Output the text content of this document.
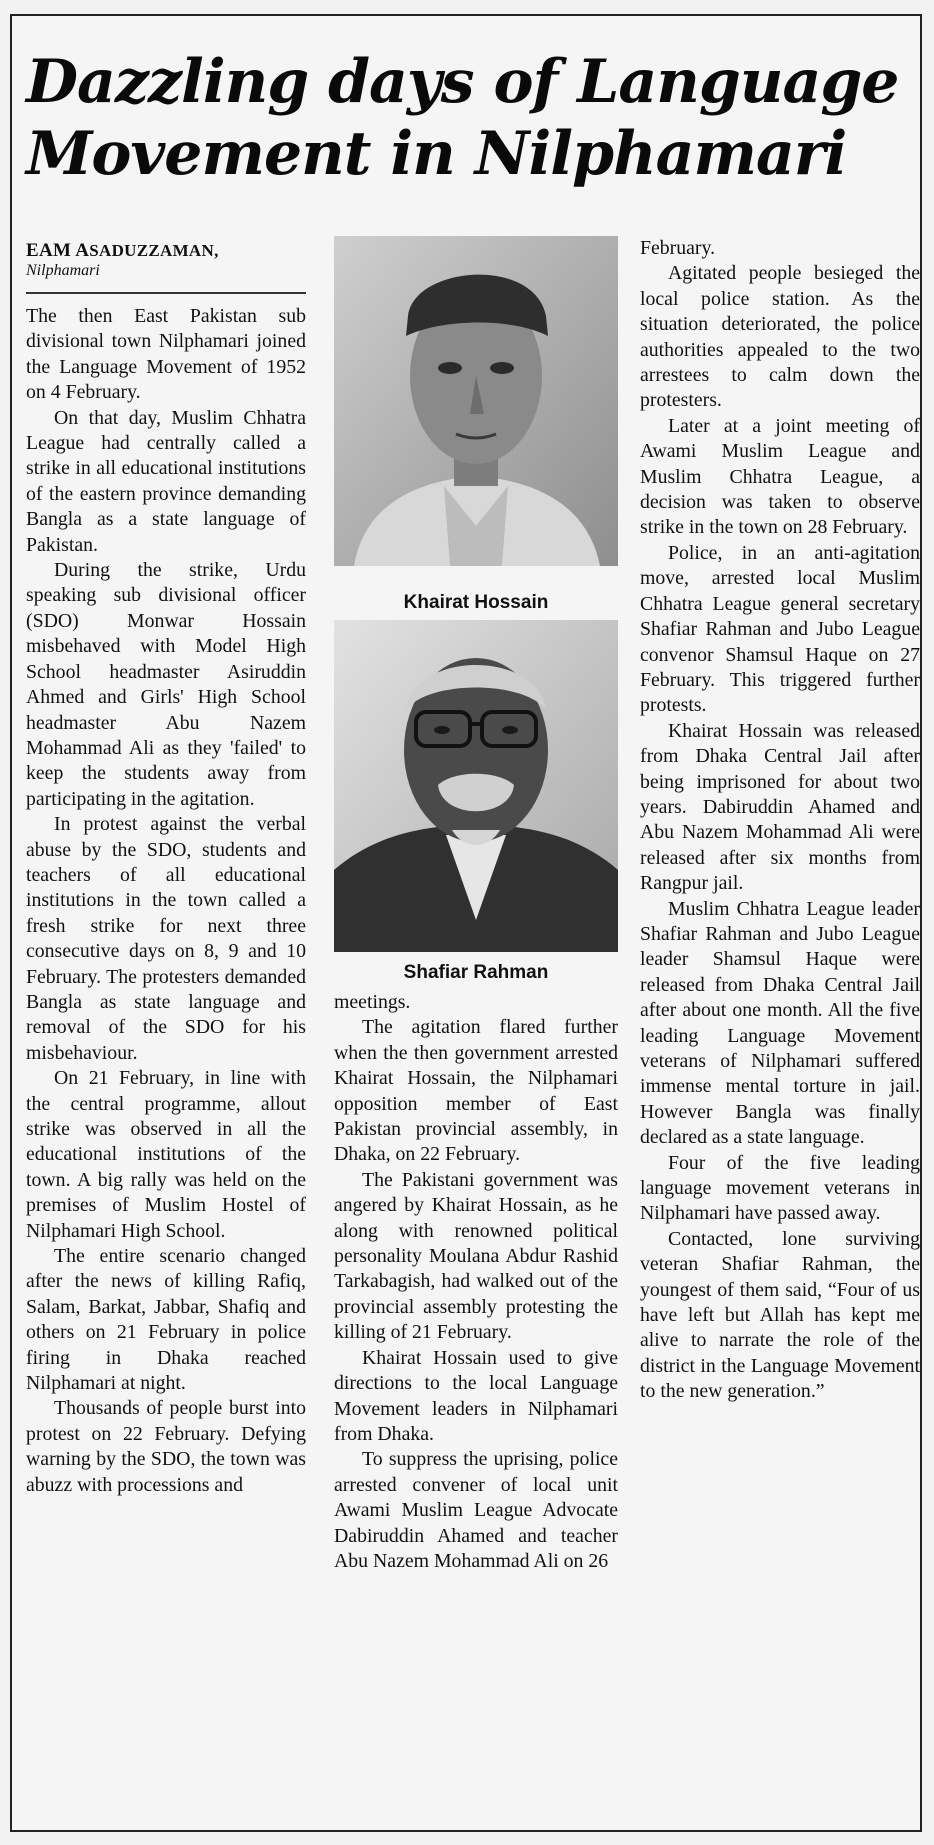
Dazzling days of Language
Movement in Nilphamari
EAM ASADUZZAMAN,
Nilphamari

The then East Pakistan sub divisional town Nilphamari joined the Language Movement of 1952 on 4 February.

On that day, Muslim Chhatra League had centrally called a strike in all educational institutions of the eastern province demanding Bangla as a state language of Pakistan.

During the strike, Urdu speaking sub divisional officer (SDO) Monwar Hossain misbehaved with Model High School headmaster Asiruddin Ahmed and Girls' High School headmaster Abu Nazem Mohammad Ali as they 'failed' to keep the students away from participating in the agitation.

In protest against the verbal abuse by the SDO, students and teachers of all educational institutions in the town called a fresh strike for next three consecutive days on 8, 9 and 10 February. The protesters demanded Bangla as state language and removal of the SDO for his misbehaviour.

On 21 February, in line with the central programme, allout strike was observed in all the educational institutions of the town. A big rally was held on the premises of Muslim Hostel of Nilphamari High School.

The entire scenario changed after the news of killing Rafiq, Salam, Barkat, Jabbar, Shafiq and others on 21 February in police firing in Dhaka reached Nilphamari at night.

Thousands of people burst into protest on 22 February. Defying warning by the SDO, the town was abuzz with processions and

Khairat Hossain
Shafiar Rahman

meetings.

The agitation flared further when the then government arrested Khairat Hossain, the Nilphamari opposition member of East Pakistan provincial assembly, in Dhaka, on 22 February.

The Pakistani government was angered by Khairat Hossain, as he along with renowned political personality Moulana Abdur Rashid Tarkabagish, had walked out of the provincial assembly protesting the killing of 21 February.

Khairat Hossain used to give directions to the local Language Movement leaders in Nilphamari from Dhaka.

To suppress the uprising, police arrested convener of local unit Awami Muslim League Advocate Dabiruddin Ahamed and teacher Abu Nazem Mohammad Ali on 26

February.

Agitated people besieged the local police station. As the situation deteriorated, the police authorities appealed to the two arrestees to calm down the protesters.

Later at a joint meeting of Awami Muslim League and Muslim Chhatra League, a decision was taken to observe strike in the town on 28 February.

Police, in an anti-agitation move, arrested local Muslim Chhatra League general secretary Shafiar Rahman and Jubo League convenor Shamsul Haque on 27 February. This triggered further protests.

Khairat Hossain was released from Dhaka Central Jail after being imprisoned for about two years. Dabiruddin Ahamed and Abu Nazem Mohammad Ali were released after six months from Rangpur jail.

Muslim Chhatra League leader Shafiar Rahman and Jubo League leader Shamsul Haque were released from Dhaka Central Jail after about one month. All the five leading Language Movement veterans of Nilphamari suffered immense mental torture in jail. However Bangla was finally declared as a state language.

Four of the five leading language movement veterans in Nilphamari have passed away.

Contacted, lone surviving veteran Shafiar Rahman, the youngest of them said, “Four of us have left but Allah has kept me alive to narrate the role of the district in the Language Movement to the new generation.”
